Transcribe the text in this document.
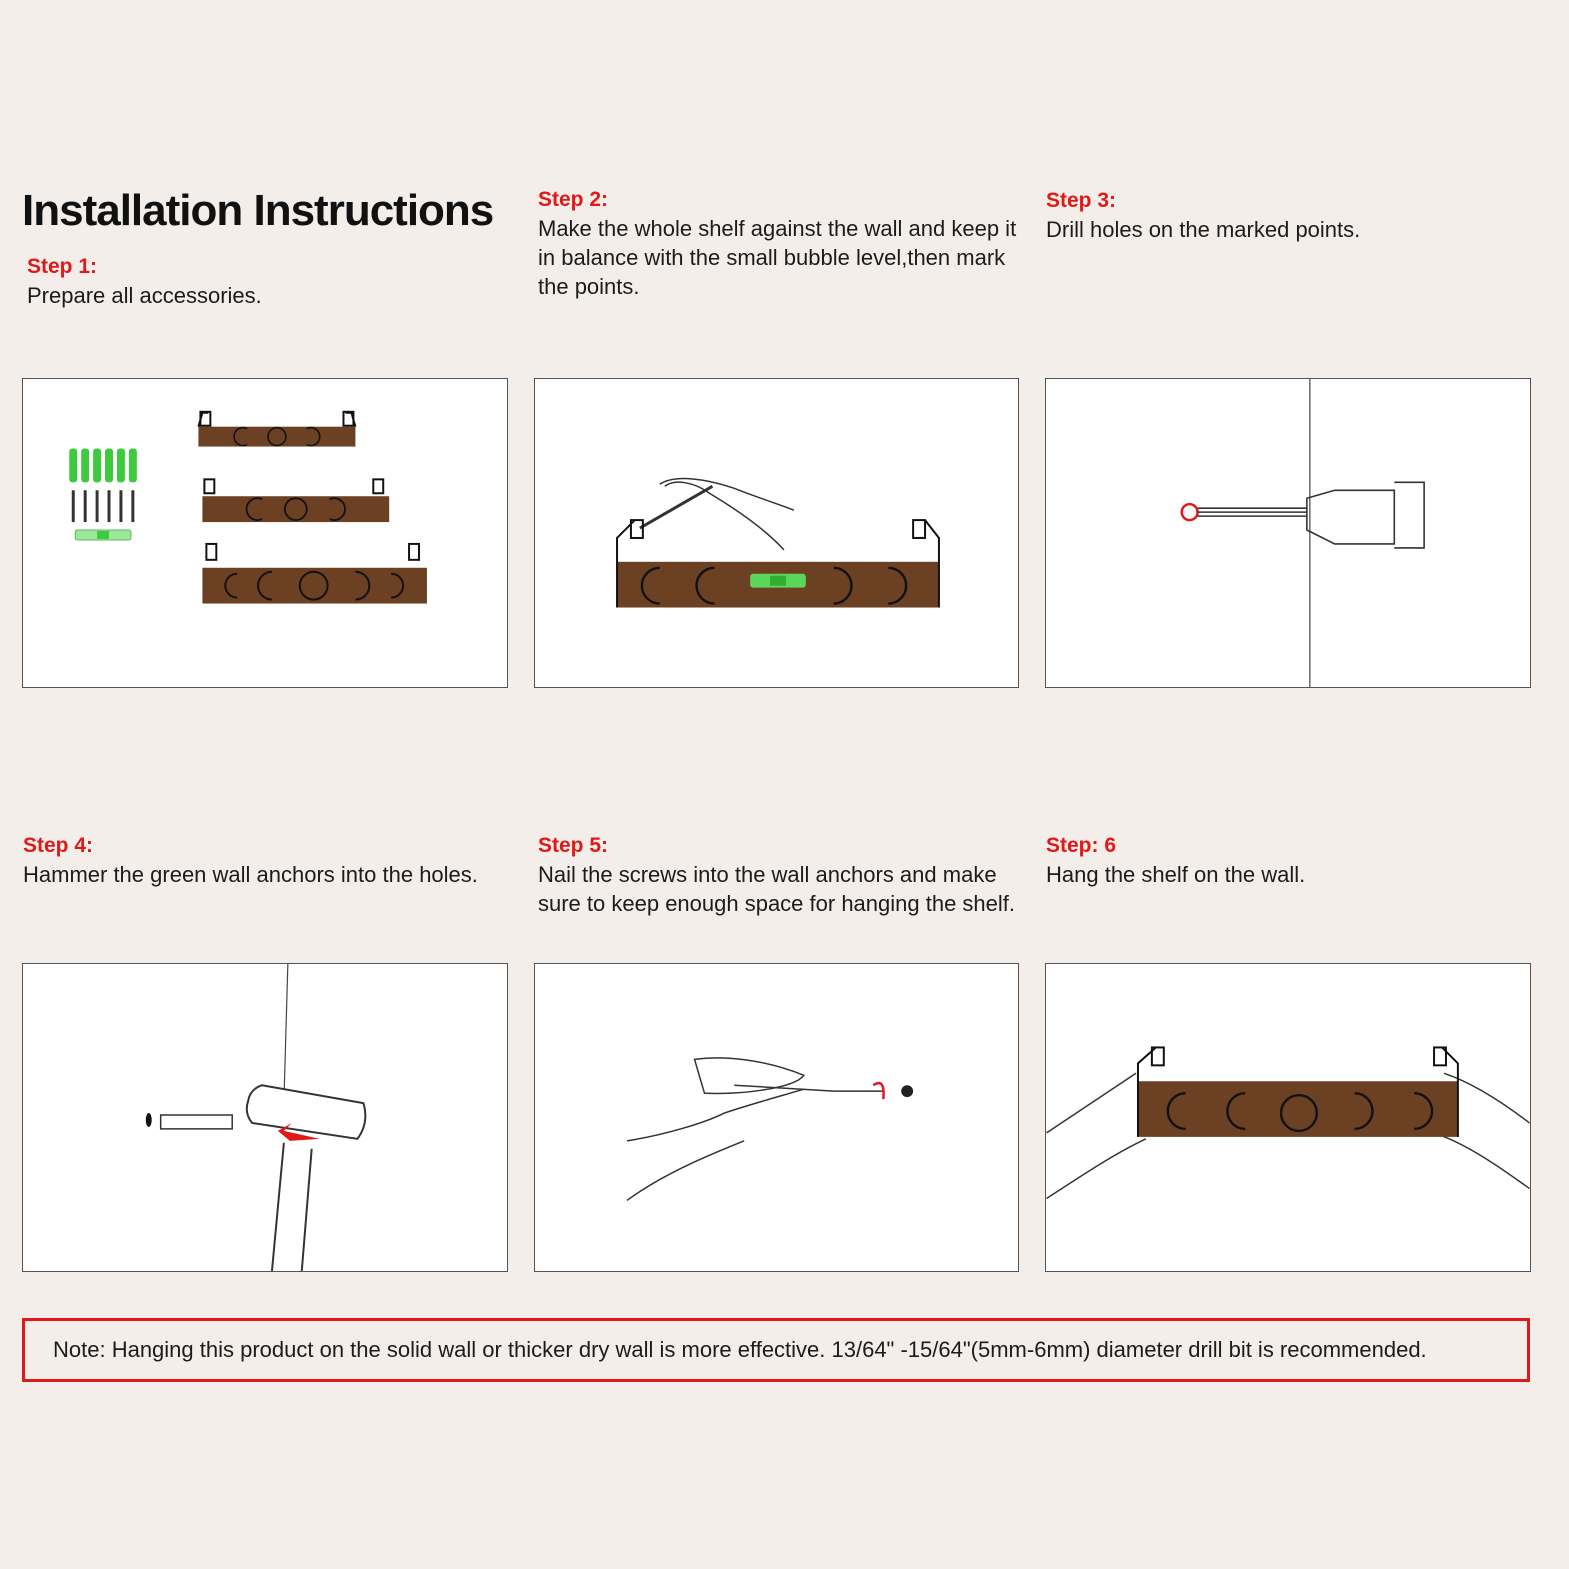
Installation Instructions
Step 1:
Prepare all accessories.
Step 2:
Make the whole shelf against the wall and keep it in balance with the small bubble level,then mark the points.
Step 3:
Drill holes on the marked points.
Step 4:
Hammer the green wall anchors into the holes.
Step 5:
Nail the screws into the wall anchors and make sure to keep enough space for hanging the shelf.
Step: 6
Hang the shelf on the wall.
Note: Hanging this product on the solid wall or thicker dry wall is more effective. 13/64" -15/64"(5mm-6mm) diameter drill bit is recommended.
